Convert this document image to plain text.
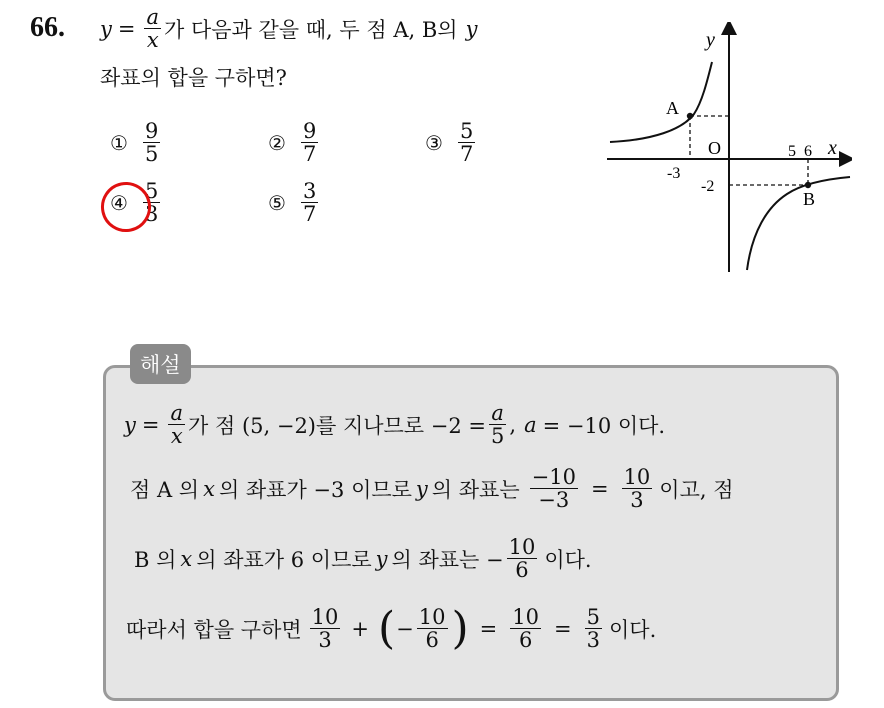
66. $y = \frac{a}{x}$ 가 다음과 같을 때, 두 점 A, B의 y
좌표의 합을 구하면?
① $\frac{9}{5}$	② $\frac{9}{7}$	③ $\frac{5}{7}$
④ $\frac{5}{3}$	⑤ $\frac{3}{7}$
y
x
O
A
B
-3
5 6
-2
해설
$y = \frac{a}{x}$ 가 점 (5, −2)를 지나므로 $-2 = \frac{a}{5}$ , a = −10 이다.
점 A 의 x 의 좌표가 −3 이므로 y 의 좌표는 $\frac{-10}{-3} = \frac{10}{3}$ 이고, 점
B 의 x 의 좌표가 6 이므로 y 의 좌표는 − $\frac{10}{6}$ 이다.
따라서 합을 구하면 $\frac{10}{3}$ + ( − $\frac{10}{6}$ ) = $\frac{10}{6} = \frac{5}{3}$ 이다.
